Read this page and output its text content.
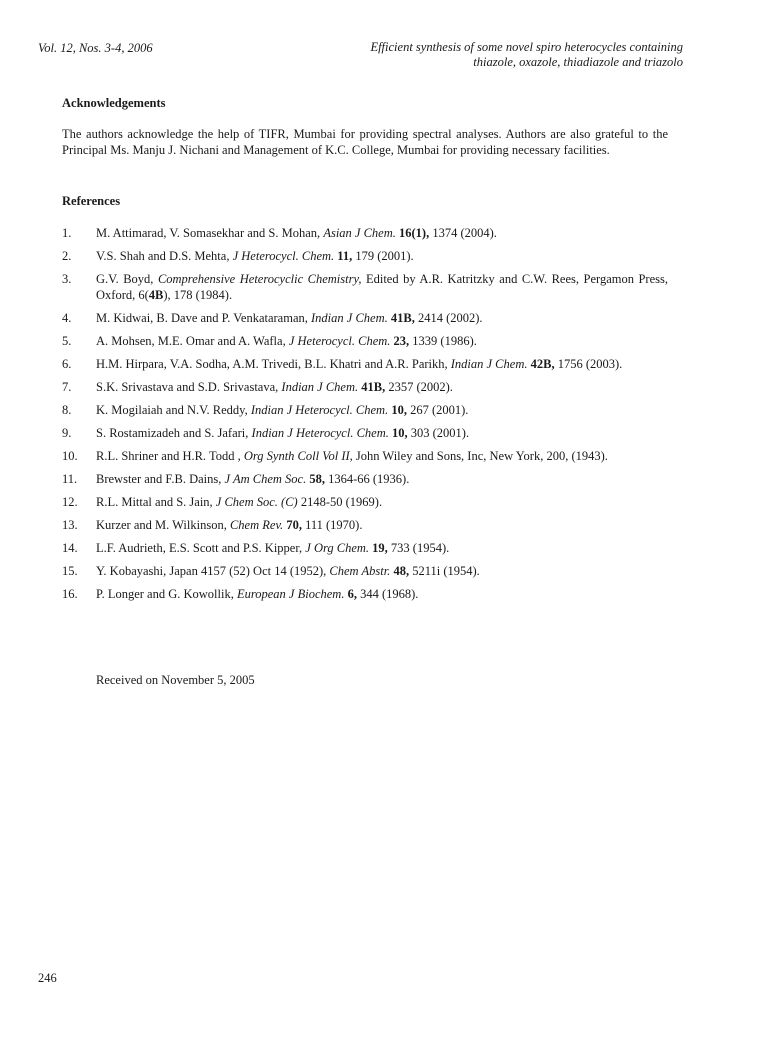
Vol. 12, Nos. 3-4, 2006	Efficient synthesis of some novel spiro heterocycles containing
thiazole, oxazole, thiadiazole and triazolo
Acknowledgements
The authors acknowledge the help of TIFR, Mumbai for providing spectral analyses. Authors are also grateful to the Principal Ms. Manju J. Nichani and Management of K.C. College, Mumbai for providing necessary facilities.
References
1.	M. Attimarad, V. Somasekhar and S. Mohan, Asian J Chem. 16(1), 1374 (2004).
2.	V.S. Shah and D.S. Mehta, J Heterocycl. Chem. 11, 179 (2001).
3.	G.V. Boyd, Comprehensive Heterocyclic Chemistry, Edited by A.R. Katritzky and C.W. Rees, Pergamon Press, Oxford, 6(4B), 178 (1984).
4.	M. Kidwai, B. Dave and P. Venkataraman, Indian J Chem. 41B, 2414 (2002).
5.	A. Mohsen, M.E. Omar and A. Wafla, J Heterocycl. Chem. 23, 1339 (1986).
6.	H.M. Hirpara, V.A. Sodha, A.M. Trivedi, B.L. Khatri and A.R. Parikh, Indian J Chem. 42B, 1756 (2003).
7.	S.K. Srivastava and S.D. Srivastava, Indian J Chem. 41B, 2357 (2002).
8.	K. Mogilaiah and N.V. Reddy, Indian J Heterocycl. Chem. 10, 267 (2001).
9.	S. Rostamizadeh and S. Jafari, Indian J Heterocycl. Chem. 10, 303 (2001).
10.	R.L. Shriner and H.R. Todd , Org Synth Coll Vol II, John Wiley and Sons, Inc, New York, 200, (1943).
11.	Brewster and F.B. Dains, J Am Chem Soc. 58, 1364-66 (1936).
12.	R.L. Mittal and S. Jain, J Chem Soc. (C) 2148-50 (1969).
13.	Kurzer and M. Wilkinson, Chem Rev. 70, 111 (1970).
14.	L.F. Audrieth, E.S. Scott and P.S. Kipper, J Org Chem. 19, 733 (1954).
15.	Y. Kobayashi, Japan 4157 (52) Oct 14 (1952), Chem Abstr. 48, 5211i (1954).
16.	P. Longer and G. Kowollik, European J Biochem. 6, 344 (1968).
Received on November 5, 2005
246
